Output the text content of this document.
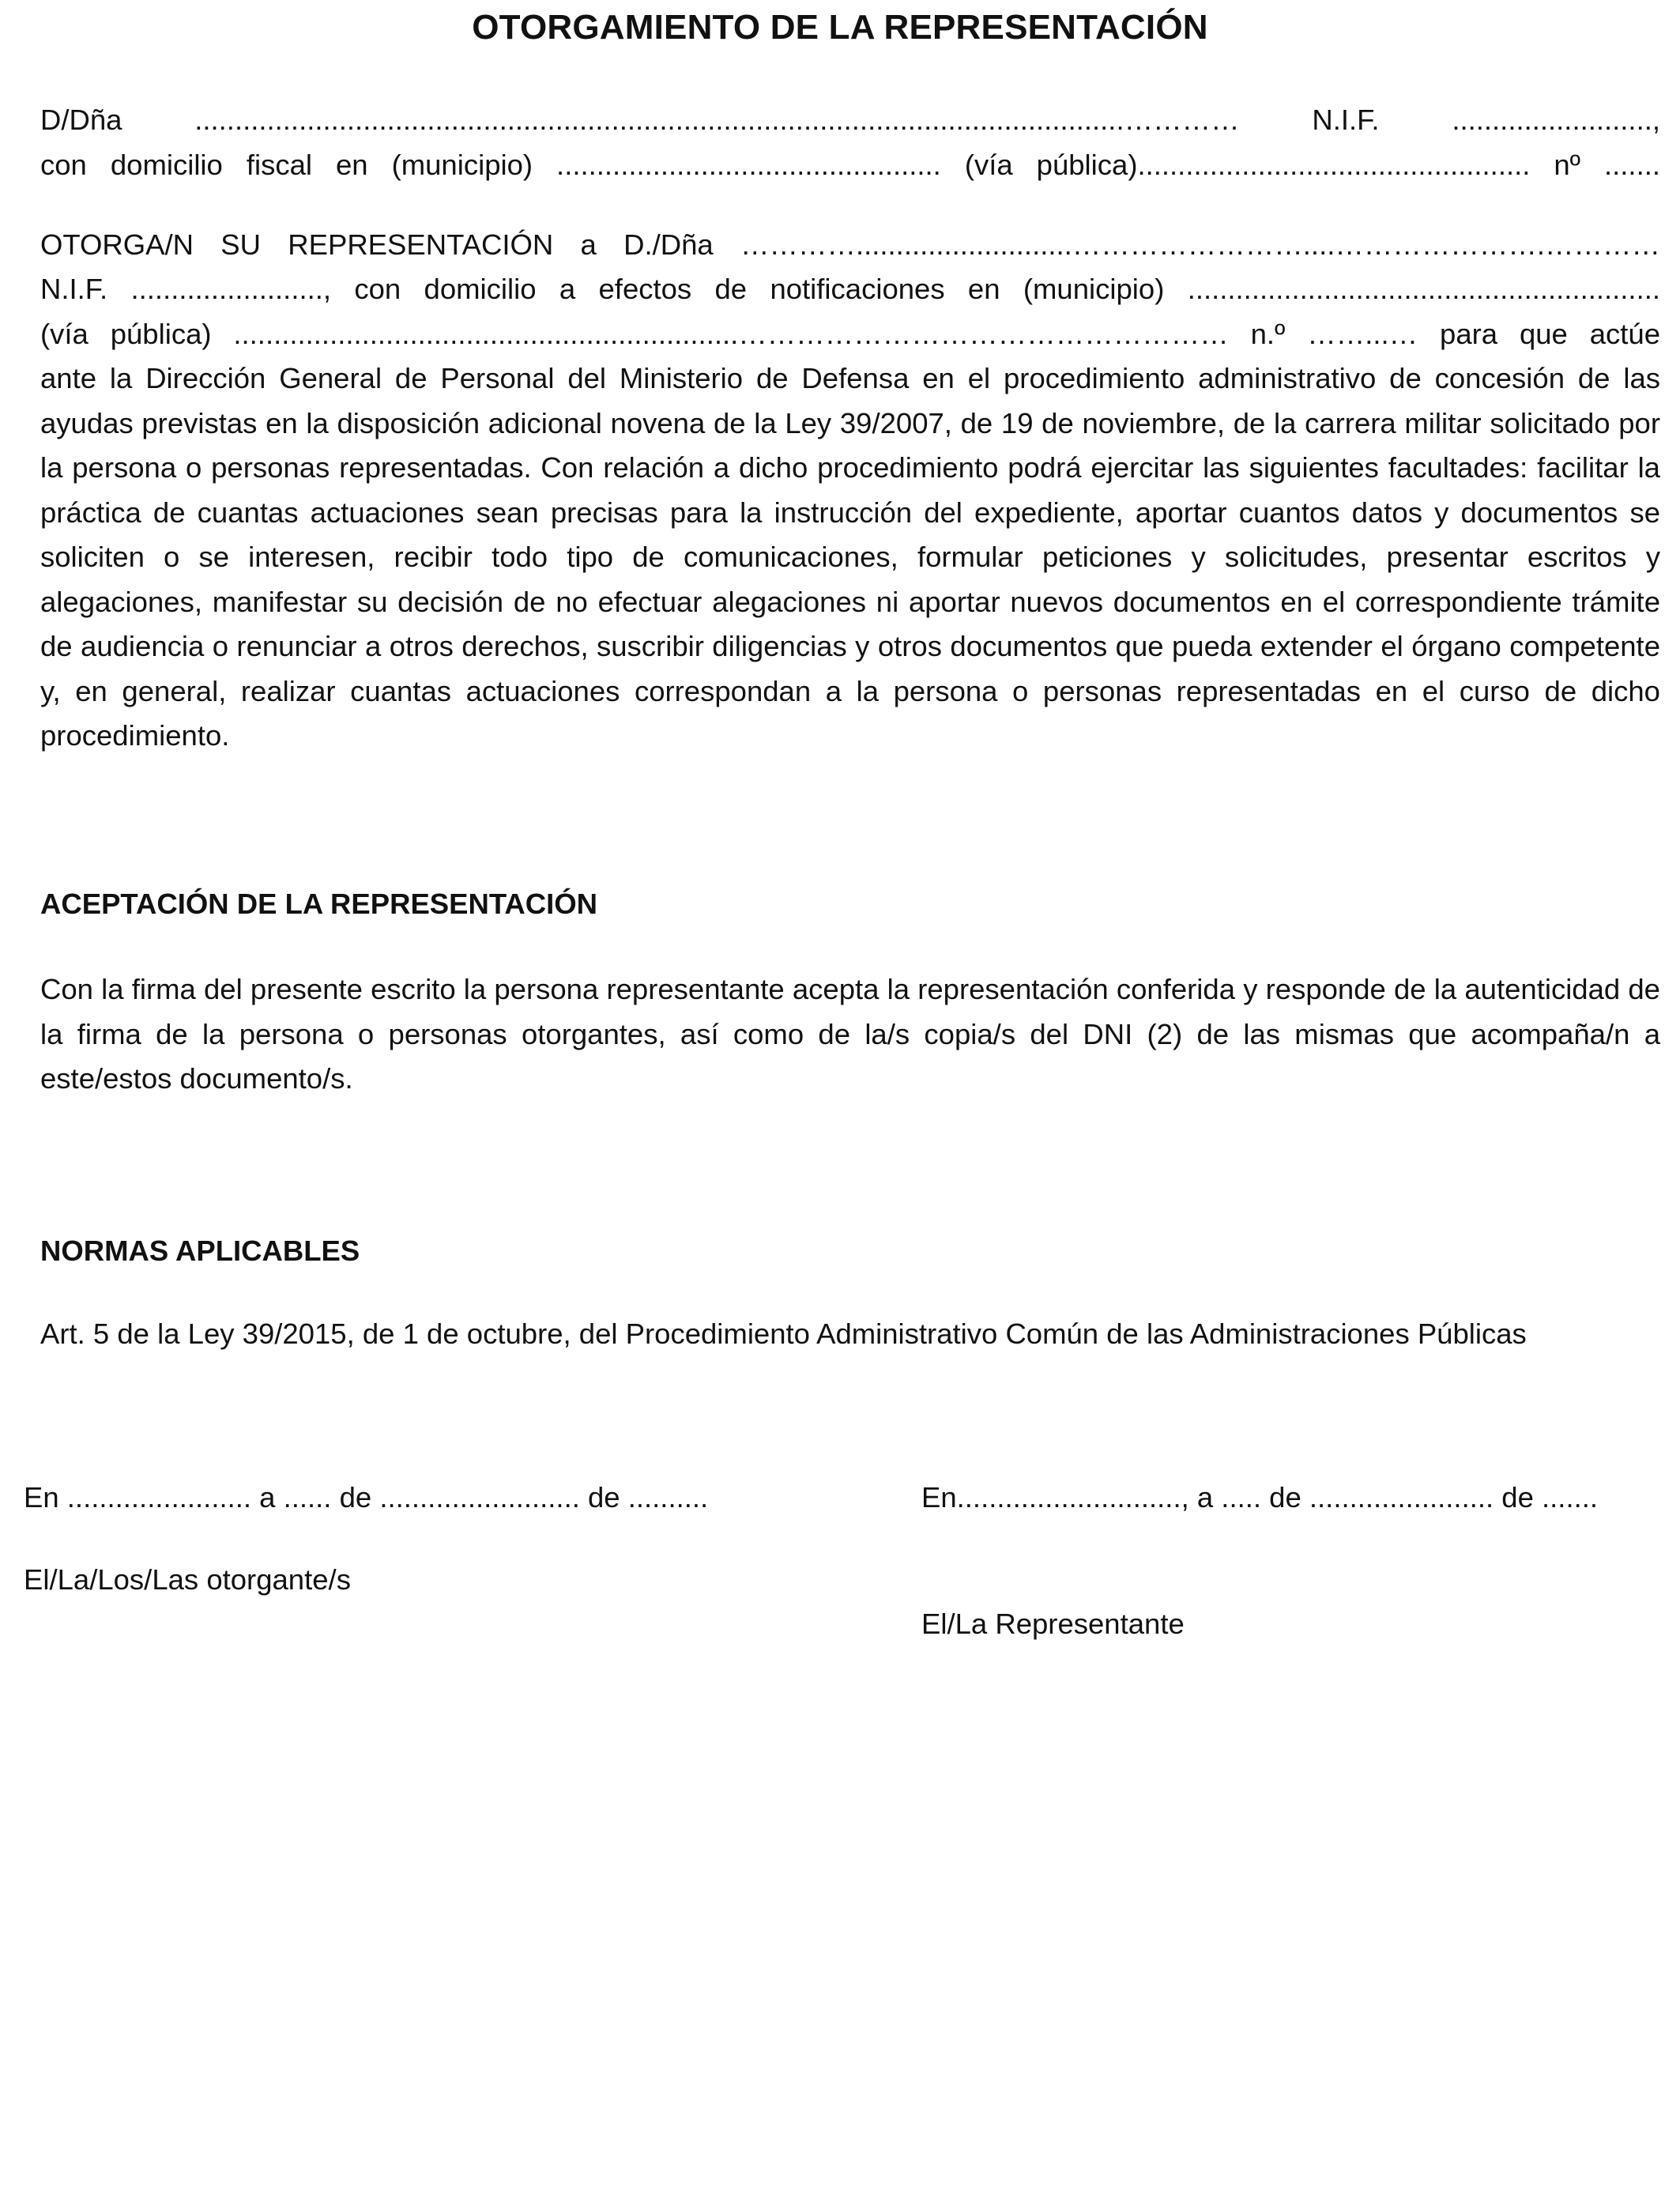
OTORGAMIENTO DE LA REPRESENTACIÓN
D/Dña ....................................................................................................................………… N.I.F. .........................,
con domicilio fiscal en (municipio) ................................................ (vía pública)................................................. nº .......
OTORGA/N SU REPRESENTACIÓN a D./Dña …………...........................……………………....………………….…………
N.I.F. ........................, con domicilio a efectos de notificaciones en (municipio) ...........................................................
(vía pública) ...............................................................…………………………………………… n.º ……...… para que actúe
ante la Dirección General de Personal del Ministerio de Defensa en el procedimiento administrativo de concesión de las ayudas previstas en la disposición adicional novena de la Ley 39/2007, de 19 de noviembre, de la carrera militar solicitado por la persona o personas representadas. Con relación a dicho procedimiento podrá ejercitar las siguientes facultades: facilitar la práctica de cuantas actuaciones sean precisas para la instrucción del expediente, aportar cuantos datos y documentos se soliciten o se interesen, recibir todo tipo de comunicaciones, formular peticiones y solicitudes, presentar escritos y alegaciones, manifestar su decisión de no efectuar alegaciones ni aportar nuevos documentos en el correspondiente trámite de audiencia o renunciar a otros derechos, suscribir diligencias y otros documentos que pueda extender el órgano competente y, en general, realizar cuantas actuaciones correspondan a la persona o personas representadas en el curso de dicho procedimiento.
ACEPTACIÓN DE LA REPRESENTACIÓN
Con la firma del presente escrito la persona representante acepta la representación conferida y responde de la autenticidad de la firma de la persona o personas otorgantes, así como de la/s copia/s del DNI (2) de las mismas que acompaña/n a este/estos documento/s.
NORMAS APLICABLES
Art. 5 de la Ley 39/2015, de 1 de octubre, del Procedimiento Administrativo Común de las Administraciones Públicas
En ....................... a ...... de ......................... de ..........
El/La/Los/Las otorgante/s
En............................, a ..... de ....................... de .......
El/La Representante
